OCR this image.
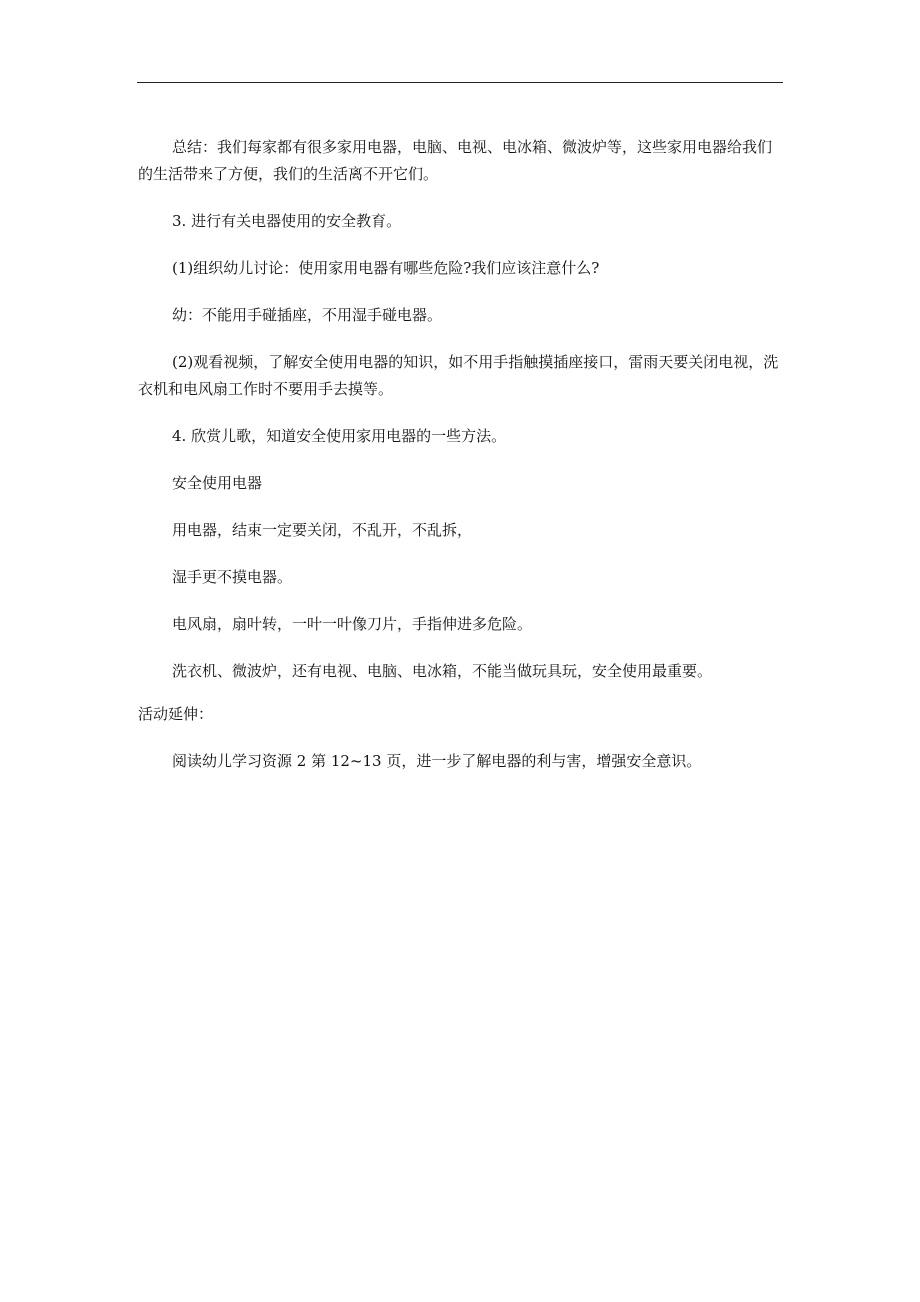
总结：我们每家都有很多家用电器，电脑、电视、电冰箱、微波炉等，这些家用电器给我们的生活带来了方便，我们的生活离不开它们。

3. 进行有关电器使用的安全教育。

(1)组织幼儿讨论：使用家用电器有哪些危险?我们应该注意什么?

幼：不能用手碰插座，不用湿手碰电器。

(2)观看视频，了解安全使用电器的知识，如不用手指触摸插座接口，雷雨天要关闭电视，洗衣机和电风扇工作时不要用手去摸等。

4. 欣赏儿歌，知道安全使用家用电器的一些方法。

安全使用电器

用电器，结束一定要关闭，不乱开，不乱拆，

湿手更不摸电器。

电风扇，扇叶转，一叶一叶像刀片，手指伸进多危险。

洗衣机、微波炉，还有电视、电脑、电冰箱，不能当做玩具玩，安全使用最重要。

活动延伸：

阅读幼儿学习资源 2 第 12~13 页，进一步了解电器的利与害，增强安全意识。
